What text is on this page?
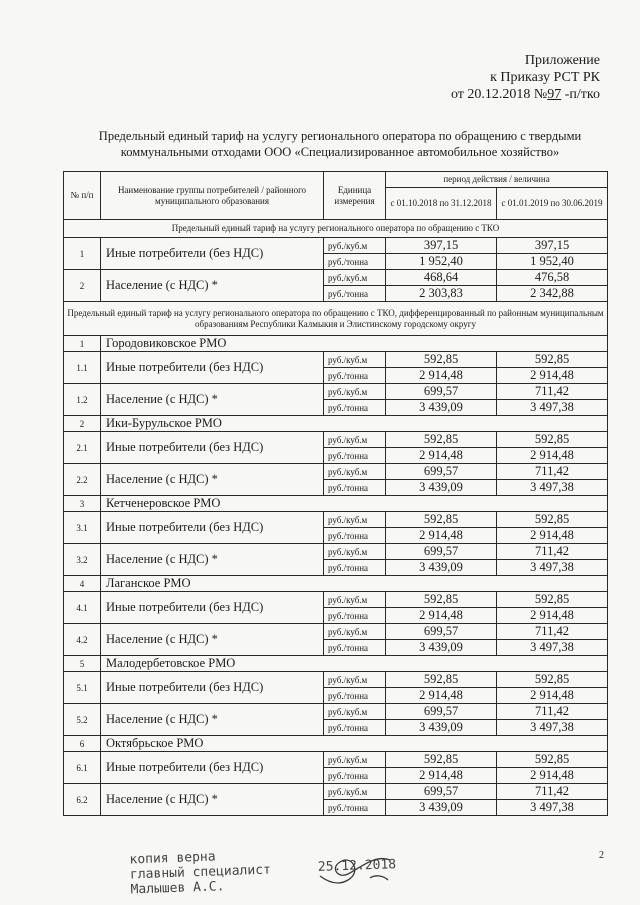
Приложение
к Приказу РСТ РК
от 20.12.2018 №97 -п/тко
Предельный единый тариф на услугу регионального оператора по обращению с твердыми коммунальными отходами ООО «Специализированное автомобильное хозяйство»
№ п/п	Наименование группы потребителей / районного муниципального образования	Единица измерения	период действия / величина	
			с 01.10.2018 по 31.12.2018	с 01.01.2019 по 30.06.2019
Предельный единый тариф на услугу регионального оператора по обращению с ТКО				
1	Иные потребители (без НДС)	руб./куб.м	397,15	397,15
		руб./тонна	1 952,40	1 952,40
2	Население (с НДС) *	руб./куб.м	468,64	476,58
		руб./тонна	2 303,83	2 342,88
Предельный единый тариф на услугу регионального оператора по обращению с ТКО, дифференцированный по районным муниципальным образованиям Республики Калмыкия и Элистинскому городскому округу				
1	Городовиковское РМО			
1.1	Иные потребители (без НДС)	руб./куб.м	592,85	592,85
		руб./тонна	2 914,48	2 914,48
1.2	Население (с НДС) *	руб./куб.м	699,57	711,42
		руб./тонна	3 439,09	3 497,38
2	Ики-Бурульское РМО			
2.1	Иные потребители (без НДС)	руб./куб.м	592,85	592,85
		руб./тонна	2 914,48	2 914,48
2.2	Население (с НДС) *	руб./куб.м	699,57	711,42
		руб./тонна	3 439,09	3 497,38
3	Кетченеровское РМО			
3.1	Иные потребители (без НДС)	руб./куб.м	592,85	592,85
		руб./тонна	2 914,48	2 914,48
3.2	Население (с НДС) *	руб./куб.м	699,57	711,42
		руб./тонна	3 439,09	3 497,38
4	Лаганское РМО			
4.1	Иные потребители (без НДС)	руб./куб.м	592,85	592,85
		руб./тонна	2 914,48	2 914,48
4.2	Население (с НДС) *	руб./куб.м	699,57	711,42
		руб./тонна	3 439,09	3 497,38
5	Малодербетовское РМО			
5.1	Иные потребители (без НДС)	руб./куб.м	592,85	592,85
		руб./тонна	2 914,48	2 914,48
5.2	Население (с НДС) *	руб./куб.м	699,57	711,42
		руб./тонна	3 439,09	3 497,38
6	Октябрьское РМО			
6.1	Иные потребители (без НДС)	руб./куб.м	592,85	592,85
		руб./тонна	2 914,48	2 914,48
6.2	Население (с НДС) *	руб./куб.м	699,57	711,42
		руб./тонна	3 439,09	3 497,38
копия верна
главный специалист
Малышев А.С.
25.12.2018
2
